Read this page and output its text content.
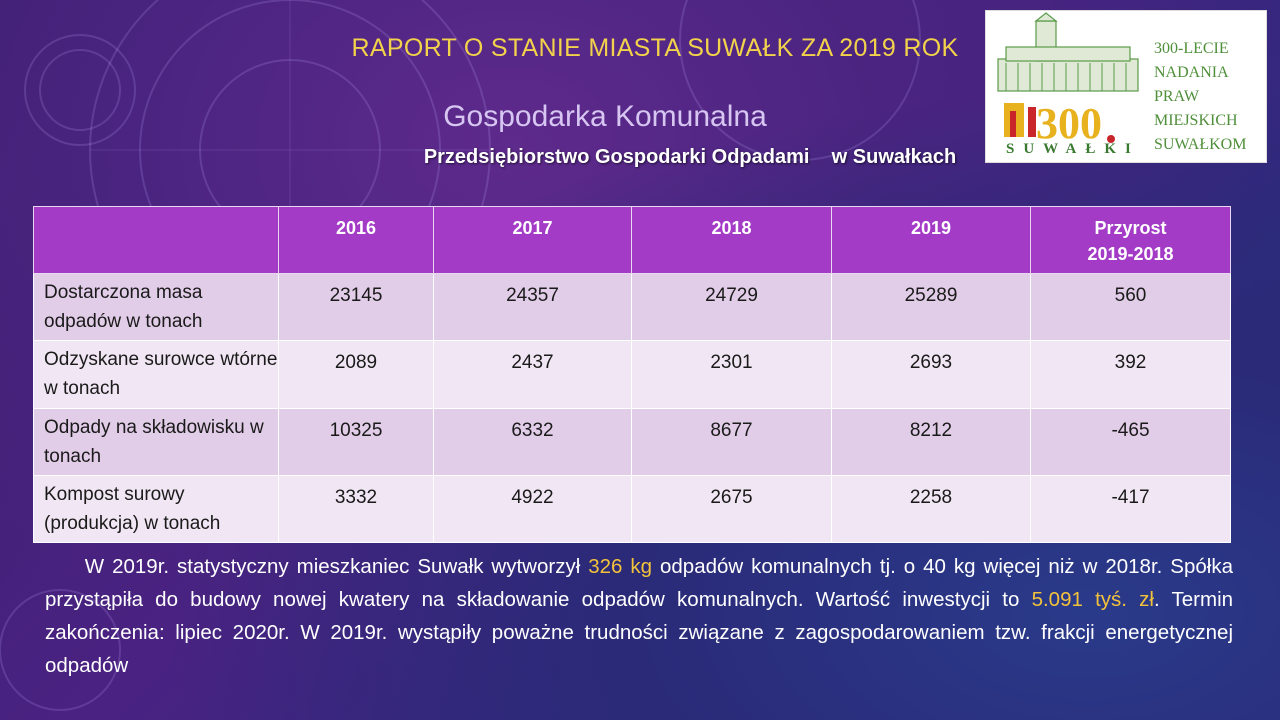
RAPORT O STANIE MIASTA SUWAŁK ZA 2019 ROK
Gospodarka Komunalna
Przedsiębiorstwo Gospodarki Odpadami    w Suwałkach
300
300-LECIE
NADANIA
PRAW
MIEJSKICH
SUWAŁKOM
SUWAŁKI
	2016	2017	2018	2019	Przyrost
2019-2018
Dostarczona masa odpadów w tonach	23145	24357	24729	25289	560
Odzyskane surowce wtórne w tonach	2089	2437	2301	2693	392
Odpady na składowisku w tonach	10325	6332	8677	8212	-465
Kompost surowy (produkcja) w tonach	3332	4922	2675	2258	-417
W 2019r. statystyczny mieszkaniec Suwałk wytworzył 326 kg odpadów komunalnych tj. o 40 kg więcej niż w 2018r. Spółka przystąpiła do budowy nowej kwatery na składowanie odpadów komunalnych. Wartość inwestycji to 5.091 tyś. zł. Termin zakończenia: lipiec 2020r. W 2019r. wystąpiły poważne trudności związane z zagospodarowaniem tzw. frakcji energetycznej odpadów
